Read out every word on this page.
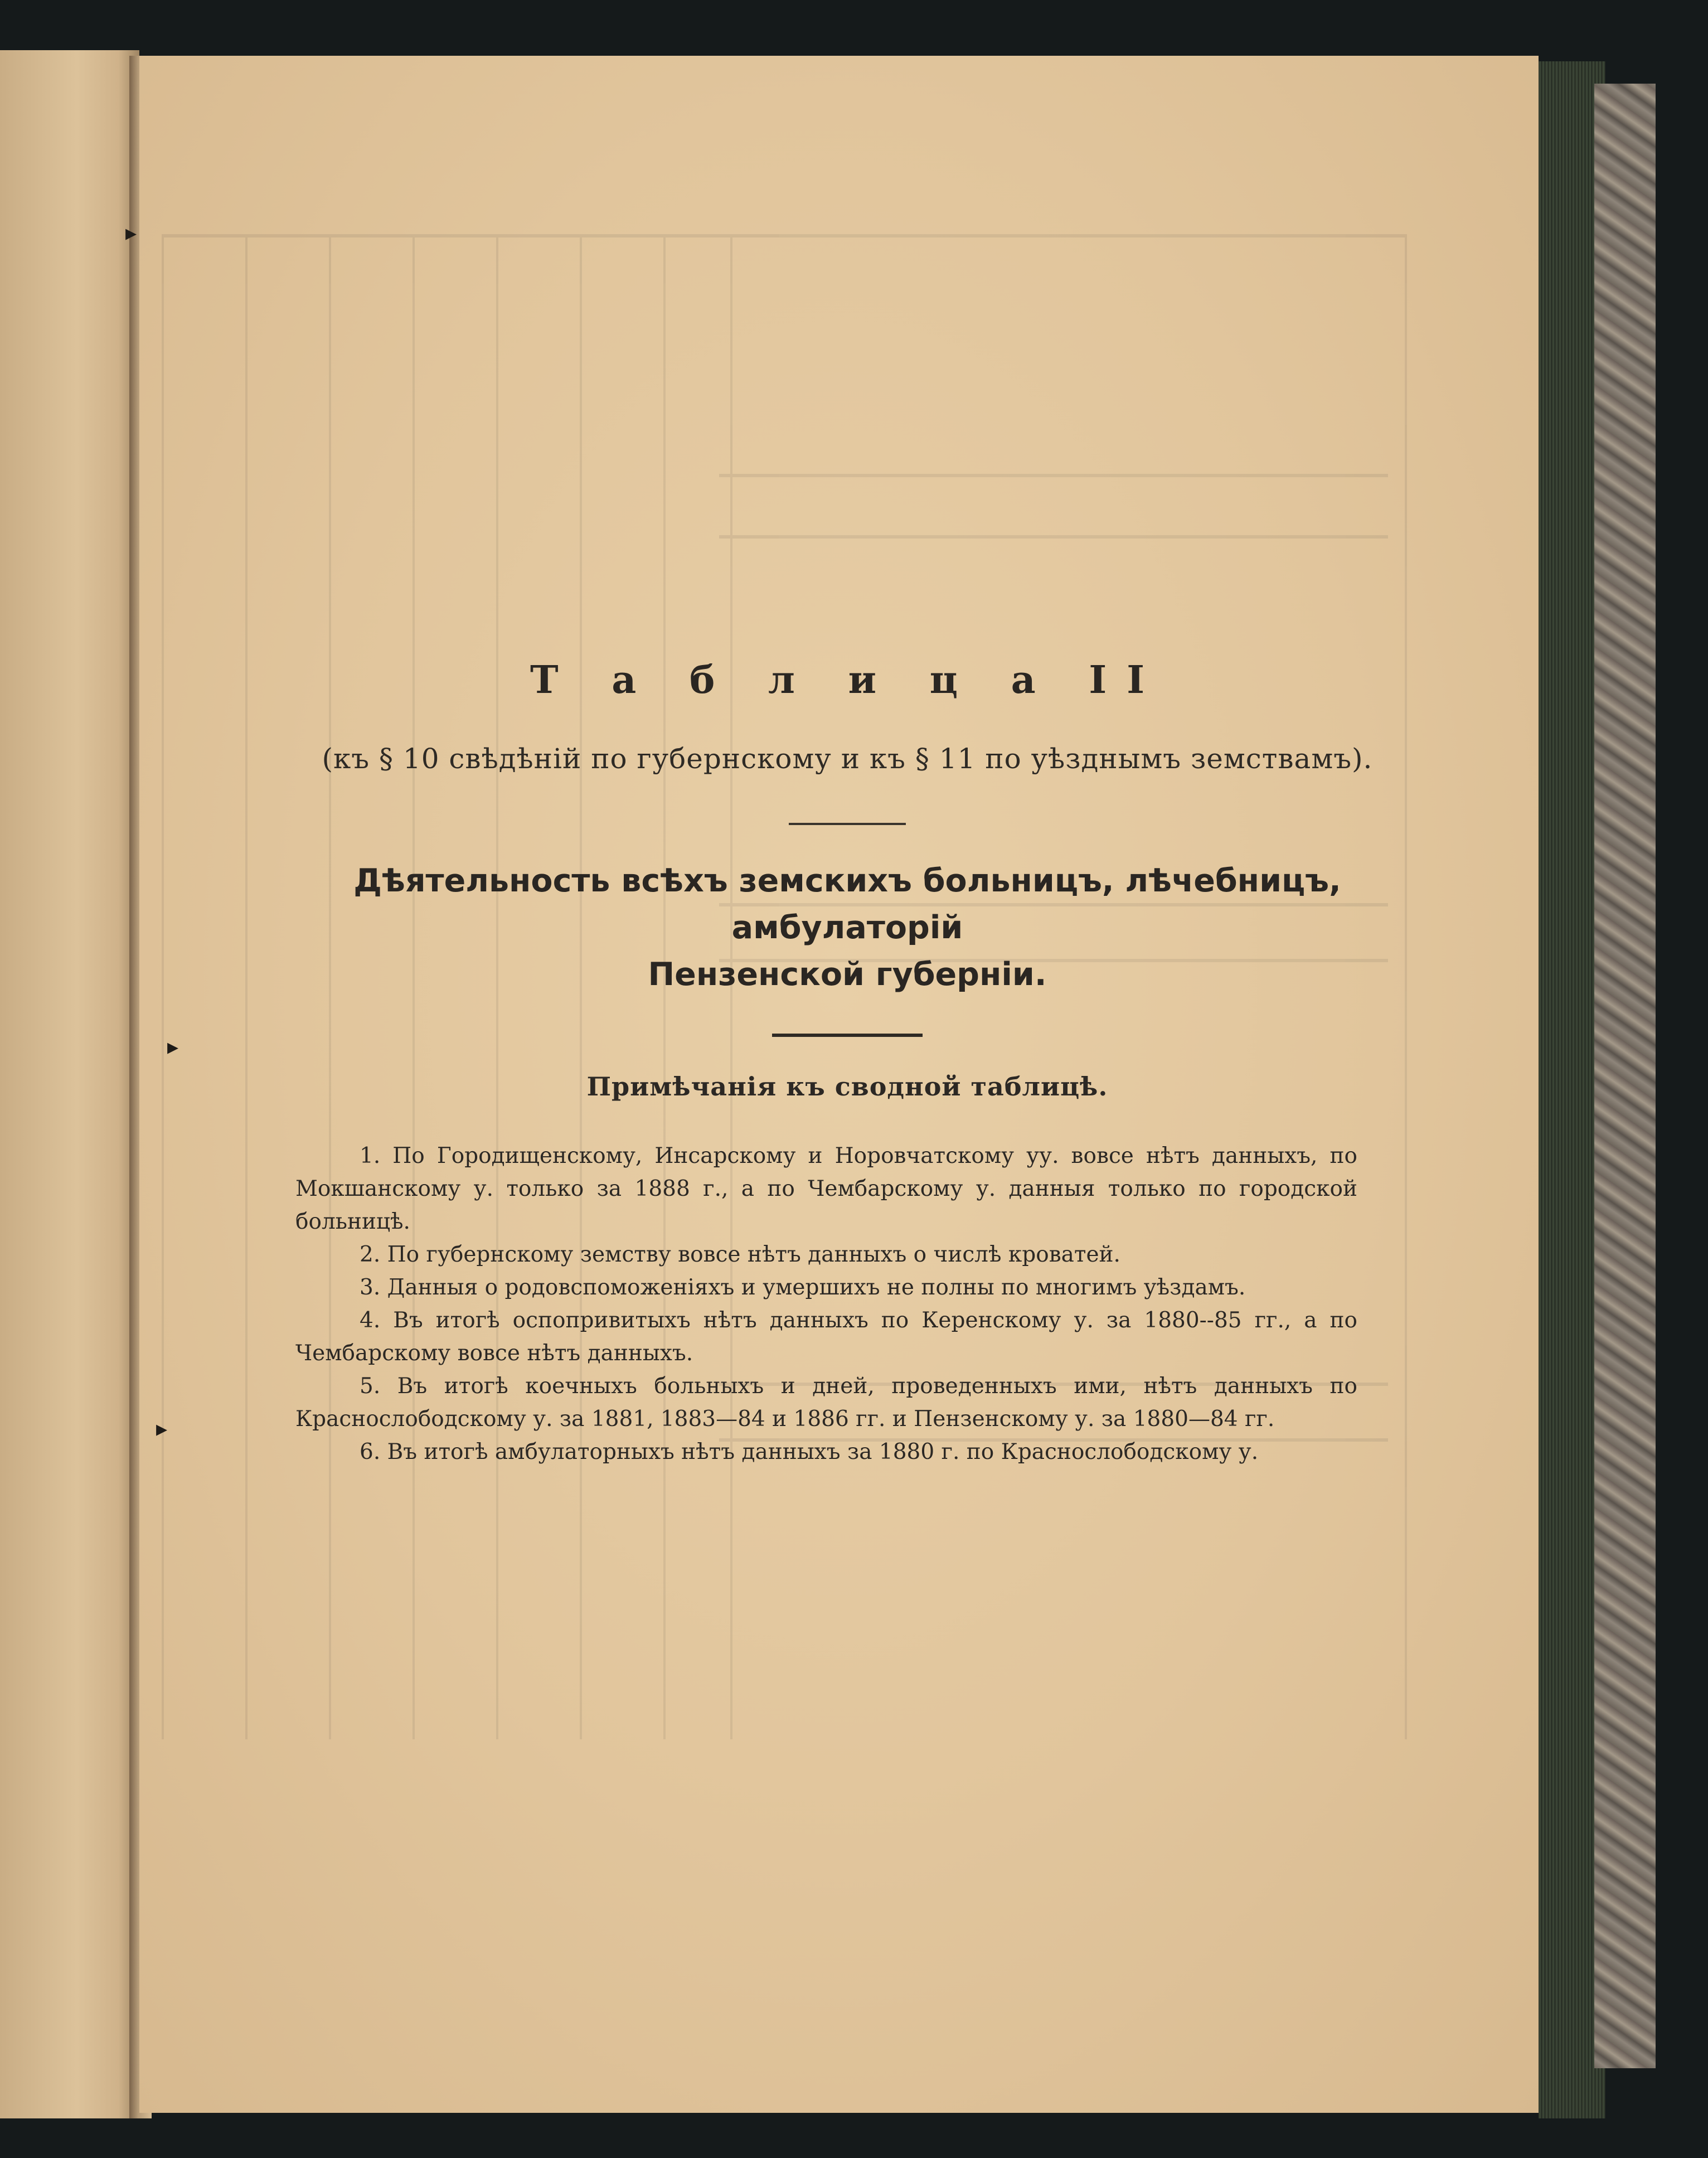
▸
▸
▸
Т а б л и ц а II
(къ § 10 свѣдѣній по губернскому и къ § 11 по уѣзднымъ земствамъ).
Дѣятельность всѣхъ земскихъ больницъ, лѣчебницъ, амбулаторій
Пензенской губерніи.
Примѣчанія къ сводной таблицѣ.

1. По Городищенскому, Инсарскому и Норовчатскому уу. вовсе нѣтъ данныхъ, по Мокшанскому у. только за 1888 г., а по Чембарскому у. данныя только по городской больницѣ.

2. По губернскому земству вовсе нѣтъ данныхъ о числѣ кроватей.

3. Данныя о родовспоможеніяхъ и умершихъ не полны по многимъ уѣздамъ.

4. Въ итогѣ оспопривитыхъ нѣтъ данныхъ по Керенскому у. за 1880--85 гг., а по Чембарскому вовсе нѣтъ данныхъ.

5. Въ итогѣ коечныхъ больныхъ и дней, проведенныхъ ими, нѣтъ данныхъ по Краснослободскому у. за 1881, 1883—84 и 1886 гг. и Пензенскому у. за 1880—84 гг.

6. Въ итогѣ амбулаторныхъ нѣтъ данныхъ за 1880 г. по Краснослободскому у.
